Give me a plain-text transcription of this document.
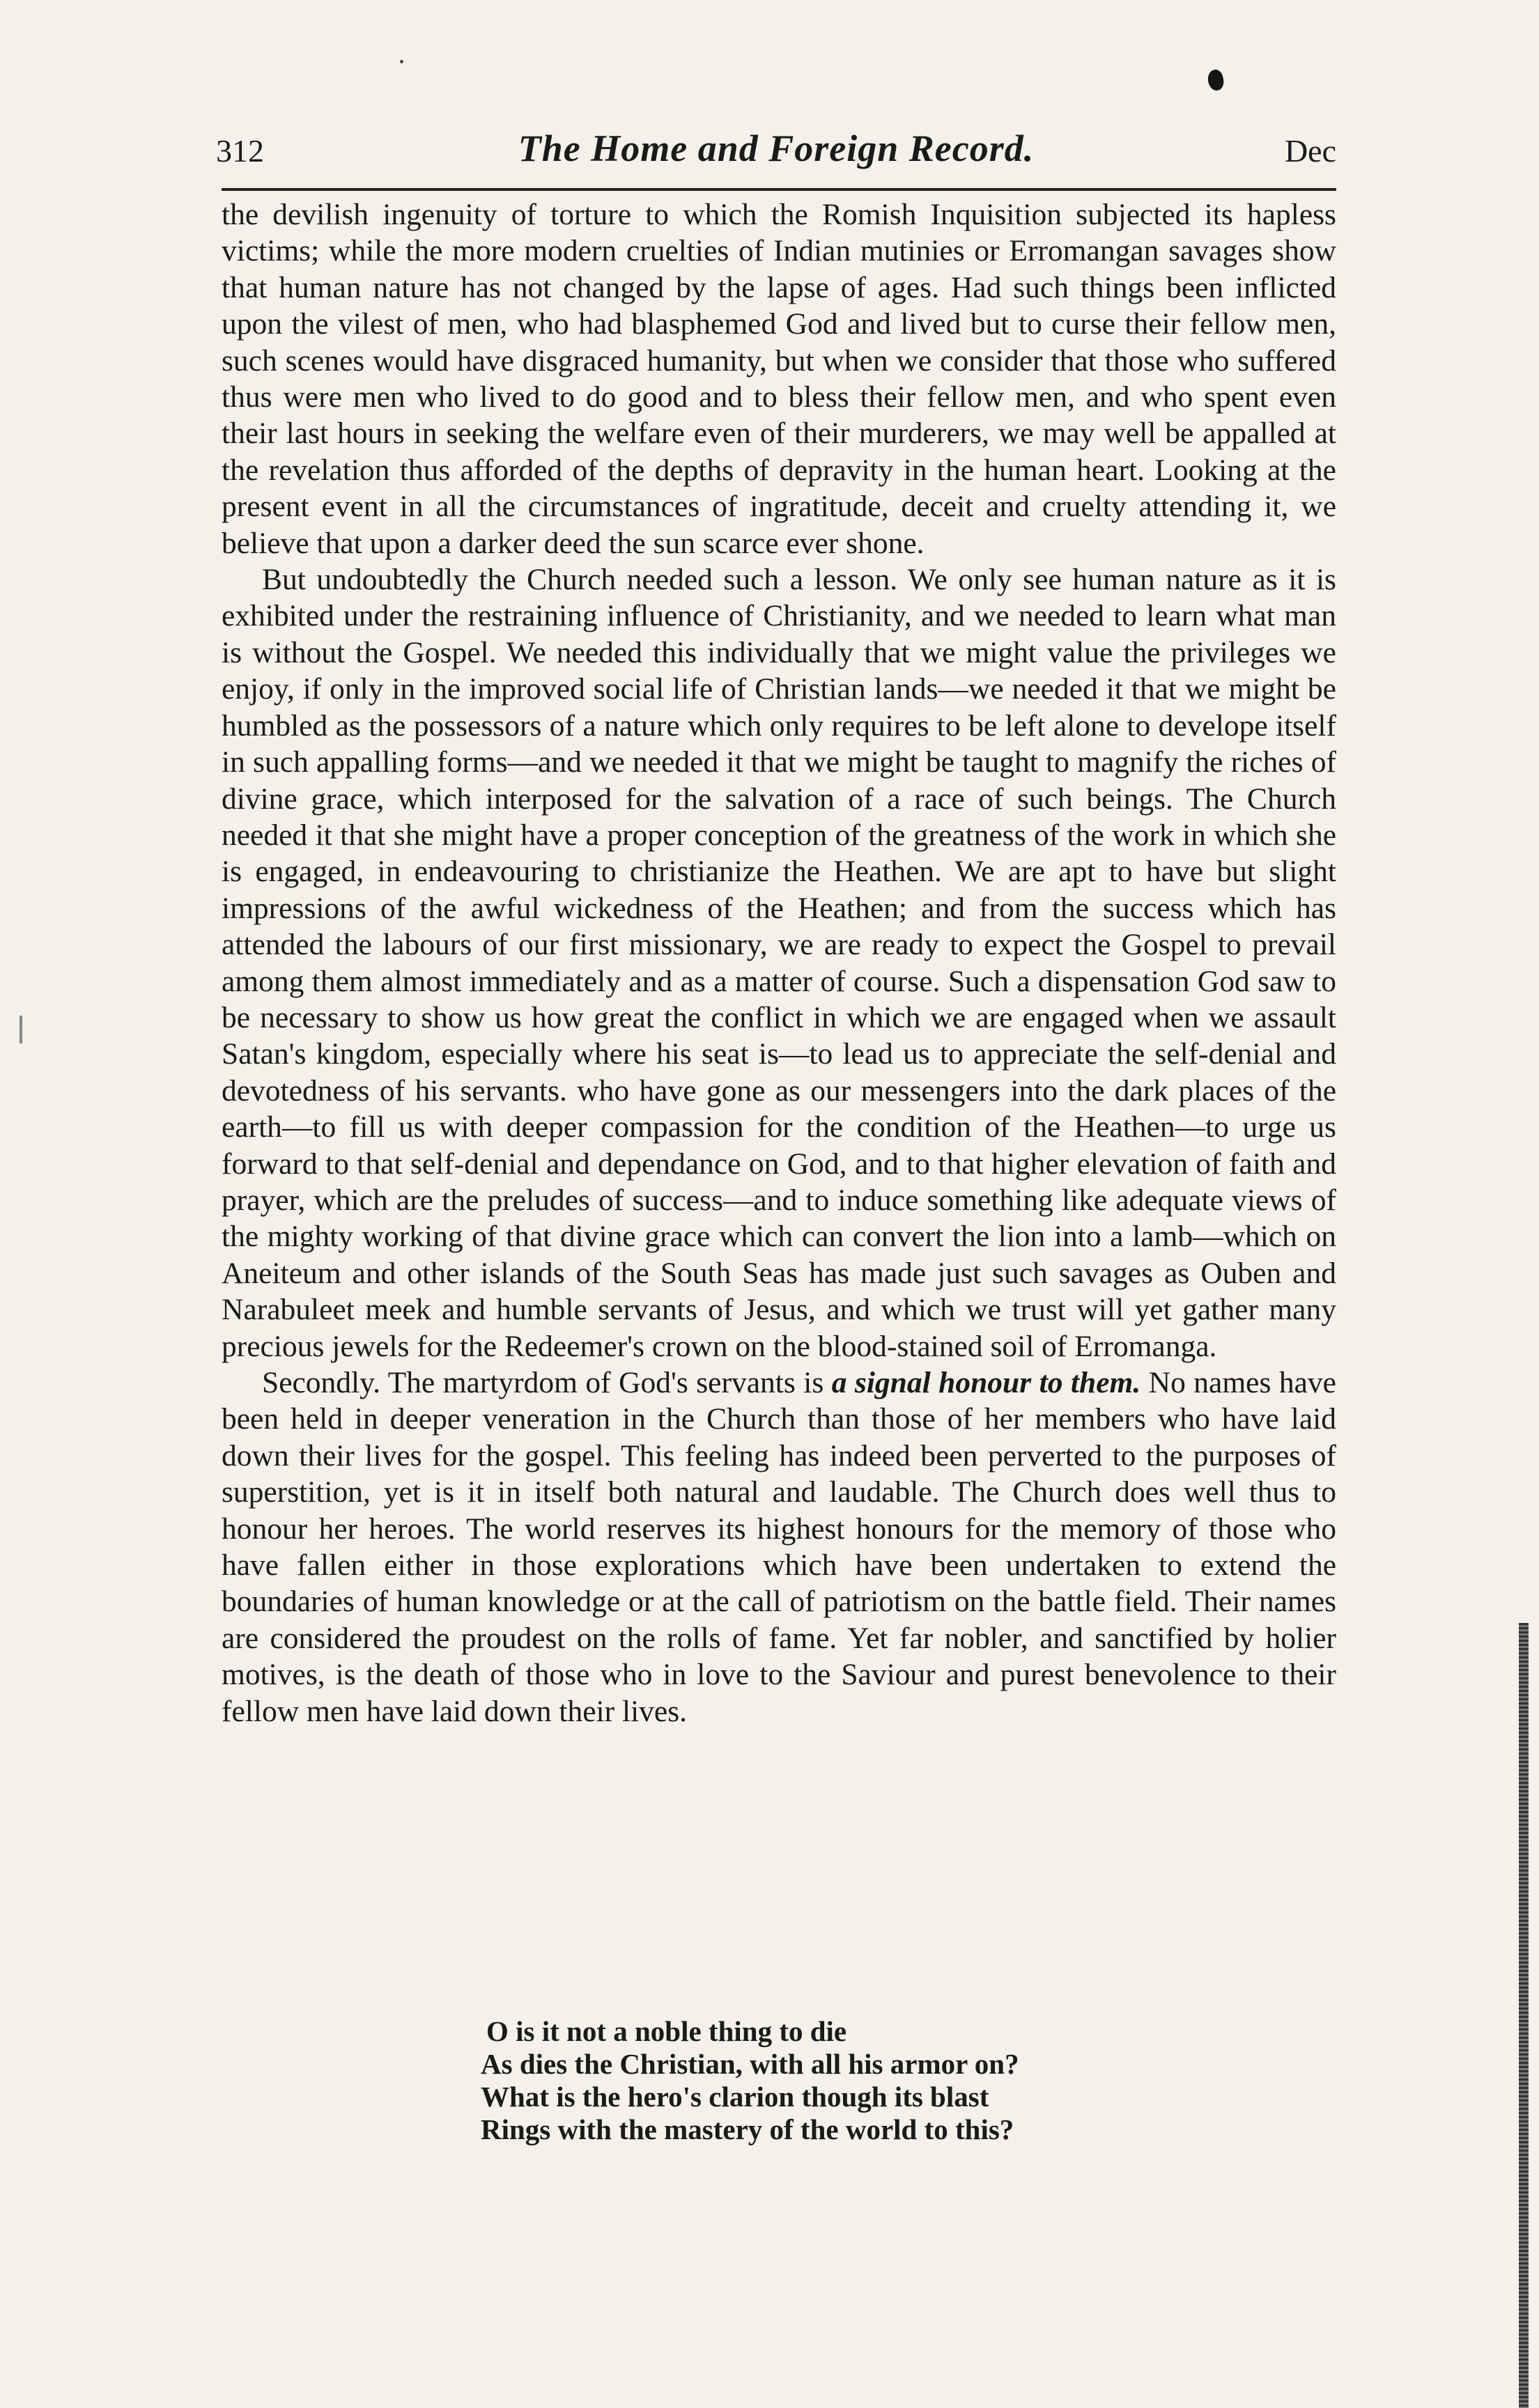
312	The Home and Foreign Record.	Dec

the devilish ingenuity of torture to which the Romish Inquisition subjected its hapless victims; while the more modern cruelties of Indian mutinies or Erromangan savages show that human nature has not changed by the lapse of ages. Had such things been inflicted upon the vilest of men, who had blasphemed God and lived but to curse their fellow men, such scenes would have disgraced humanity, but when we consider that those who suffered thus were men who lived to do good and to bless their fellow men, and who spent even their last hours in seeking the welfare even of their murderers, we may well be appalled at the revelation thus afforded of the depths of depravity in the human heart. Looking at the present event in all the circumstances of ingratitude, deceit and cruelty attending it, we believe that upon a darker deed the sun scarce ever shone.

But undoubtedly the Church needed such a lesson. We only see human nature as it is exhibited under the restraining influence of Christianity, and we needed to learn what man is without the Gospel. We needed this individually that we might value the privileges we enjoy, if only in the improved social life of Christian lands—we needed it that we might be humbled as the possessors of a nature which only requires to be left alone to develope itself in such appalling forms—and we needed it that we might be taught to magnify the riches of divine grace, which interposed for the salvation of a race of such beings. The Church needed it that she might have a proper conception of the greatness of the work in which she is engaged, in endeavouring to christianize the Heathen. We are apt to have but slight impressions of the awful wickedness of the Heathen; and from the success which has attended the labours of our first missionary, we are ready to expect the Gospel to prevail among them almost immediately and as a matter of course. Such a dispensation God saw to be necessary to show us how great the conflict in which we are engaged when we assault Satan's kingdom, especially where his seat is—to lead us to appreciate the self-denial and devotedness of his servants. who have gone as our messengers into the dark places of the earth—to fill us with deeper compassion for the condition of the Heathen—to urge us forward to that self-denial and dependance on God, and to that higher elevation of faith and prayer, which are the preludes of success—and to induce something like adequate views of the mighty working of that divine grace which can convert the lion into a lamb—which on Aneiteum and other islands of the South Seas has made just such savages as Ouben and Narabuleet meek and humble servants of Jesus, and which we trust will yet gather many precious jewels for the Redeemer's crown on the blood-stained soil of Erromanga.

Secondly. The martyrdom of God's servants is a signal honour to them. No names have been held in deeper veneration in the Church than those of her members who have laid down their lives for the gospel. This feeling has indeed been perverted to the purposes of superstition, yet is it in itself both natural and laudable. The Church does well thus to honour her heroes. The world reserves its highest honours for the memory of those who have fallen either in those explorations which have been undertaken to extend the boundaries of human knowledge or at the call of patriotism on the battle field. Their names are considered the proudest on the rolls of fame. Yet far nobler, and sanctified by holier motives, is the death of those who in love to the Saviour and purest benevolence to their fellow men have laid down their lives.

O is it not a noble thing to die
As dies the Christian, with all his armor on?
What is the hero's clarion though its blast
Rings with the mastery of the world to this?
